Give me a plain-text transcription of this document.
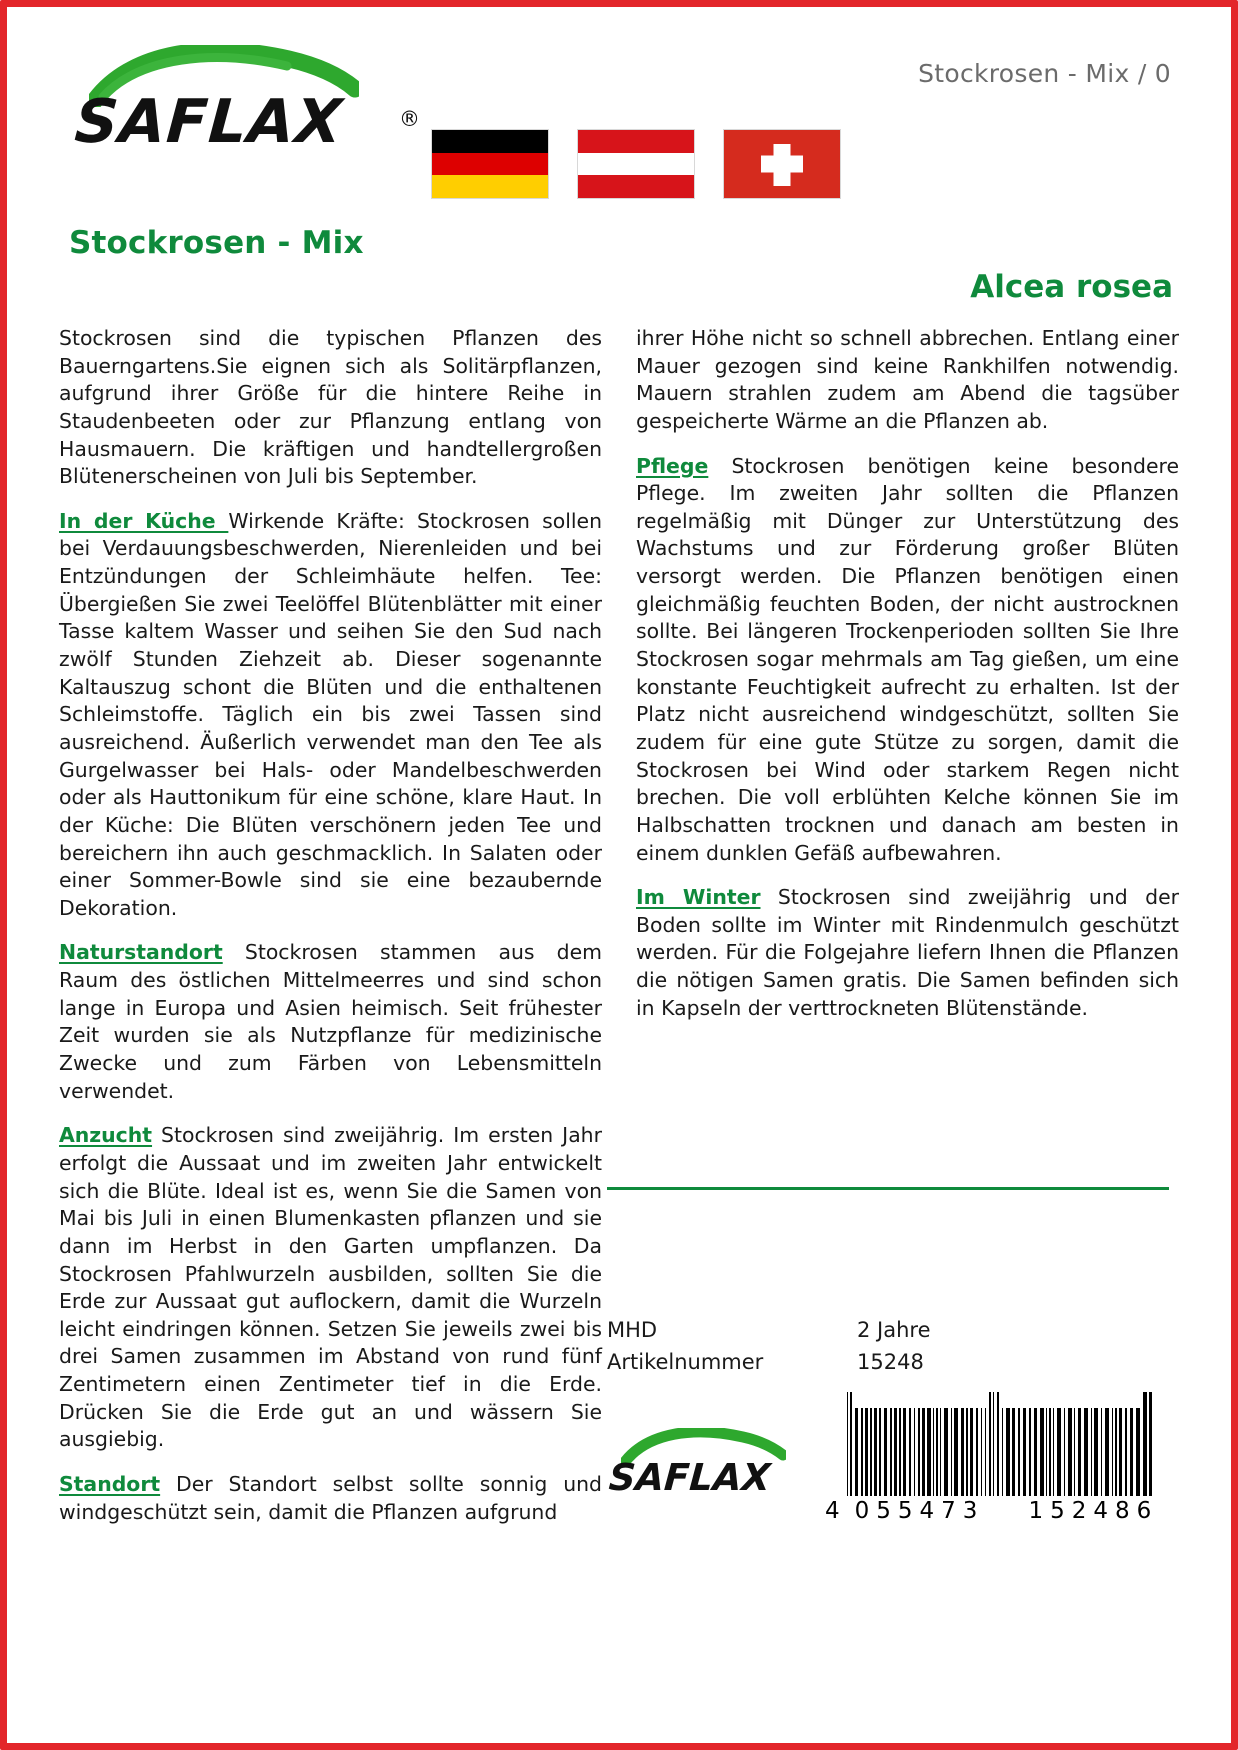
SAFLAX	®
Stockrosen - Mix / 0
Stockrosen - Mix
Alcea rosea

Stockrosen sind die typischen Pflanzen des Bauerngartens.Sie eignen sich als Solitärpflanzen, aufgrund ihrer Größe für die hintere Reihe in Staudenbeeten oder zur Pflanzung entlang von Hausmauern. Die kräftigen und handtellergroßen Blütenerscheinen von Juli bis September.

In der Küche Wirkende Kräfte: Stockrosen sollen bei Verdauungsbeschwerden, Nierenleiden und bei Entzündungen der Schleimhäute helfen. Tee: Übergießen Sie zwei Teelöffel Blütenblätter mit einer Tasse kaltem Wasser und seihen Sie den Sud nach zwölf Stunden Ziehzeit ab. Dieser sogenannte Kaltauszug schont die Blüten und die enthaltenen Schleimstoffe. Täglich ein bis zwei Tassen sind ausreichend. Äußerlich verwendet man den Tee als Gurgelwasser bei Hals- oder Mandelbeschwerden oder als Hauttonikum für eine schöne, klare Haut. In der Küche: Die Blüten verschönern jeden Tee und bereichern ihn auch geschmacklich. In Salaten oder einer Sommer-Bowle sind sie eine bezaubernde Dekoration.

Naturstandort Stockrosen stammen aus dem Raum des östlichen Mittelmeerres und sind schon lange in Europa und Asien heimisch. Seit frühester Zeit wurden sie als Nutzpflanze für medizinische Zwecke und zum Färben von Lebensmitteln verwendet.

Anzucht Stockrosen sind zweijährig. Im ersten Jahr erfolgt die Aussaat und im zweiten Jahr entwickelt sich die Blüte. Ideal ist es, wenn Sie die Samen von Mai bis Juli in einen Blumenkasten pflanzen und sie dann im Herbst in den Garten umpflanzen. Da Stockrosen Pfahlwurzeln ausbilden, sollten Sie die Erde zur Aussaat gut auflockern, damit die Wurzeln leicht eindringen können. Setzen Sie jeweils zwei bis drei Samen zusammen im Abstand von rund fünf Zentimetern einen Zentimeter tief in die Erde. Drücken Sie die Erde gut an und wässern Sie ausgiebig.

Standort Der Standort selbst sollte sonnig und windgeschützt sein, damit die Pflanzen aufgrund

ihrer Höhe nicht so schnell abbrechen. Entlang einer Mauer gezogen sind keine Rankhilfen notwendig. Mauern strahlen zudem am Abend die tagsüber gespeicherte Wärme an die Pflanzen ab.

Pflege Stockrosen benötigen keine besondere Pflege. Im zweiten Jahr sollten die Pflanzen regelmäßig mit Dünger zur Unterstützung des Wachstums und zur Förderung großer Blüten versorgt werden. Die Pflanzen benötigen einen gleichmäßig feuchten Boden, der nicht austrocknen sollte. Bei längeren Trockenperioden sollten Sie Ihre Stockrosen sogar mehrmals am Tag gießen, um eine konstante Feuchtigkeit aufrecht zu erhalten. Ist der Platz nicht ausreichend windgeschützt, sollten Sie zudem für eine gute Stütze zu sorgen, damit die Stockrosen bei Wind oder starkem Regen nicht brechen. Die voll erblühten Kelche können Sie im Halbschatten trocknen und danach am besten in einem dunklen Gefäß aufbewahren.

Im Winter Stockrosen sind zweijährig und der Boden sollte im Winter mit Rindenmulch geschützt werden. Für die Folgejahre liefern Ihnen die Pflanzen die nötigen Samen gratis. Die Samen befinden sich in Kapseln der verttrockneten Blütenstände.

MHD	2 Jahre
Artikelnummer	15248
SAFLAX
4 055473 152486
